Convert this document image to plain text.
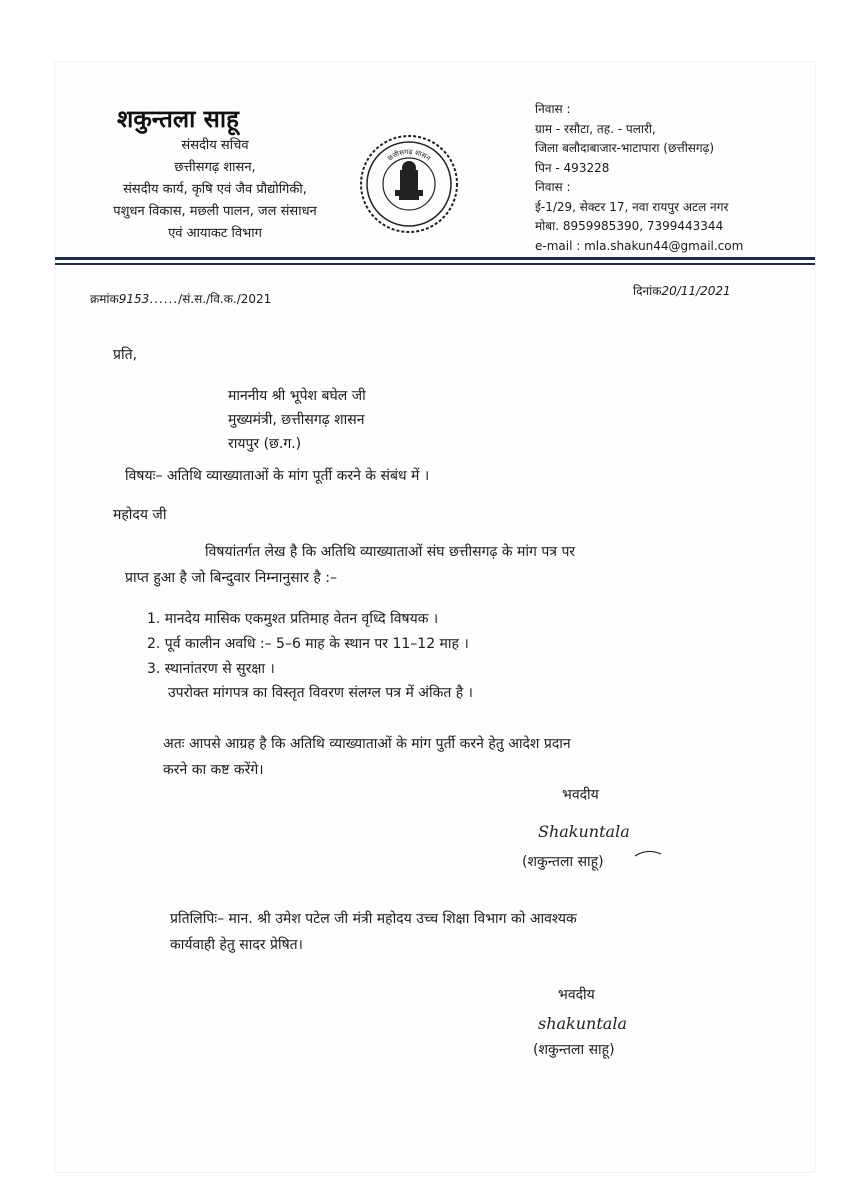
शकुन्तला साहू
संसदीय सचिव
छत्तीसगढ़ शासन,
संसदीय कार्य, कृषि एवं जैव प्रौद्योगिकी,
पशुधन विकास, मछली पालन, जल संसाधन
एवं आयाकट विभाग
छत्तीसगढ़ शासन
निवास :
ग्राम - रसौटा, तह. - पलारी,
जिला बलौदाबाजार-भाटापारा (छत्तीसगढ़)
पिन - 493228
निवास :
ई-1/29, सेक्टर 17, नवा रायपुर अटल नगर
मोबा. 8959985390, 7399443344
e-mail : mla.shakun44@gmail.com
क्रमांक9153....../सं.स./वि.क./2021
दिनांक20/11/2021
प्रति,
माननीय श्री भूपेश बघेल जी
मुख्यमंत्री, छत्तीसगढ़ शासन
रायपुर (छ.ग.)
विषयः– अतिथि व्याख्याताओं के मांग पूर्ती करने के संबंध में ।
महोदय जी
विषयांतर्गत लेख है कि अतिथि व्याख्याताओं संघ छत्तीसगढ़ के मांग पत्र पर
प्राप्त हुआ है जो बिन्दुवार निम्नानुसार है :–
1. मानदेय मासिक एकमुश्त प्रतिमाह वेतन वृध्दि विषयक ।
2. पूर्व कालीन अवधि :– 5–6 माह के स्थान पर 11–12 माह ।
3. स्थानांतरण से सुरक्षा ।
उपरोक्त मांगपत्र का विस्तृत विवरण संलग्ल पत्र में अंकित है ।
अतः आपसे आग्रह है कि अतिथि व्याख्याताओं के मांग पुर्ती करने हेतु आदेश प्रदान
करने का कष्ट करेंगे।
भवदीय
Shakuntala
(शकुन्तला साहू)
प्रतिलिपिः– मान. श्री उमेश पटेल जी मंत्री महोदय उच्च शिक्षा विभाग को आवश्यक
कार्यवाही हेतु सादर प्रेषित।
भवदीय
shakuntala
(शकुन्तला साहू)
